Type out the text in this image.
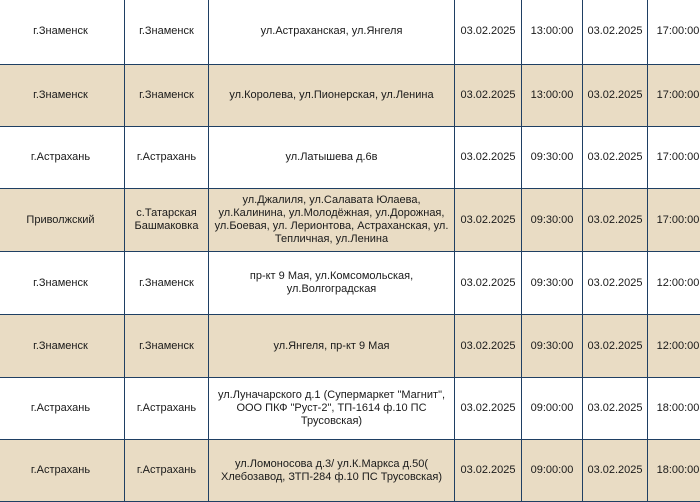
г.Знаменск	г.Знаменск	ул.Астраханская, ул.Янгеля	03.02.2025	13:00:00	03.02.2025	17:00:00
г.Знаменск	г.Знаменск	ул.Королева, ул.Пионерская, ул.Ленина	03.02.2025	13:00:00	03.02.2025	17:00:00
г.Астрахань	г.Астрахань	ул.Латышева д.6в	03.02.2025	09:30:00	03.02.2025	17:00:00
Приволжский	с.Татарская Башмаковка	ул.Джалиля, ул.Салавата Юлаева, ул.Калинина, ул.Молодёжная, ул.Дорожная, ул.Боевая, ул. Лерионтова, Астраханская, ул. Тепличная, ул.Ленина	03.02.2025	09:30:00	03.02.2025	17:00:00
г.Знаменск	г.Знаменск	пр-кт 9 Мая, ул.Комсомольская, ул.Волгоградская	03.02.2025	09:30:00	03.02.2025	12:00:00
г.Знаменск	г.Знаменск	ул.Янгеля, пр-кт 9 Мая	03.02.2025	09:30:00	03.02.2025	12:00:00
г.Астрахань	г.Астрахань	ул.Луначарского д.1 (Супермаркет "Магнит", ООО ПКФ "Руст-2", ТП-1614 ф.10 ПС Трусовская)	03.02.2025	09:00:00	03.02.2025	18:00:00
г.Астрахань	г.Астрахань	ул.Ломоносова д.3/ ул.К.Маркса д.50( Хлебозавод, ЗТП-284 ф.10 ПС Трусовская)	03.02.2025	09:00:00	03.02.2025	18:00:00
